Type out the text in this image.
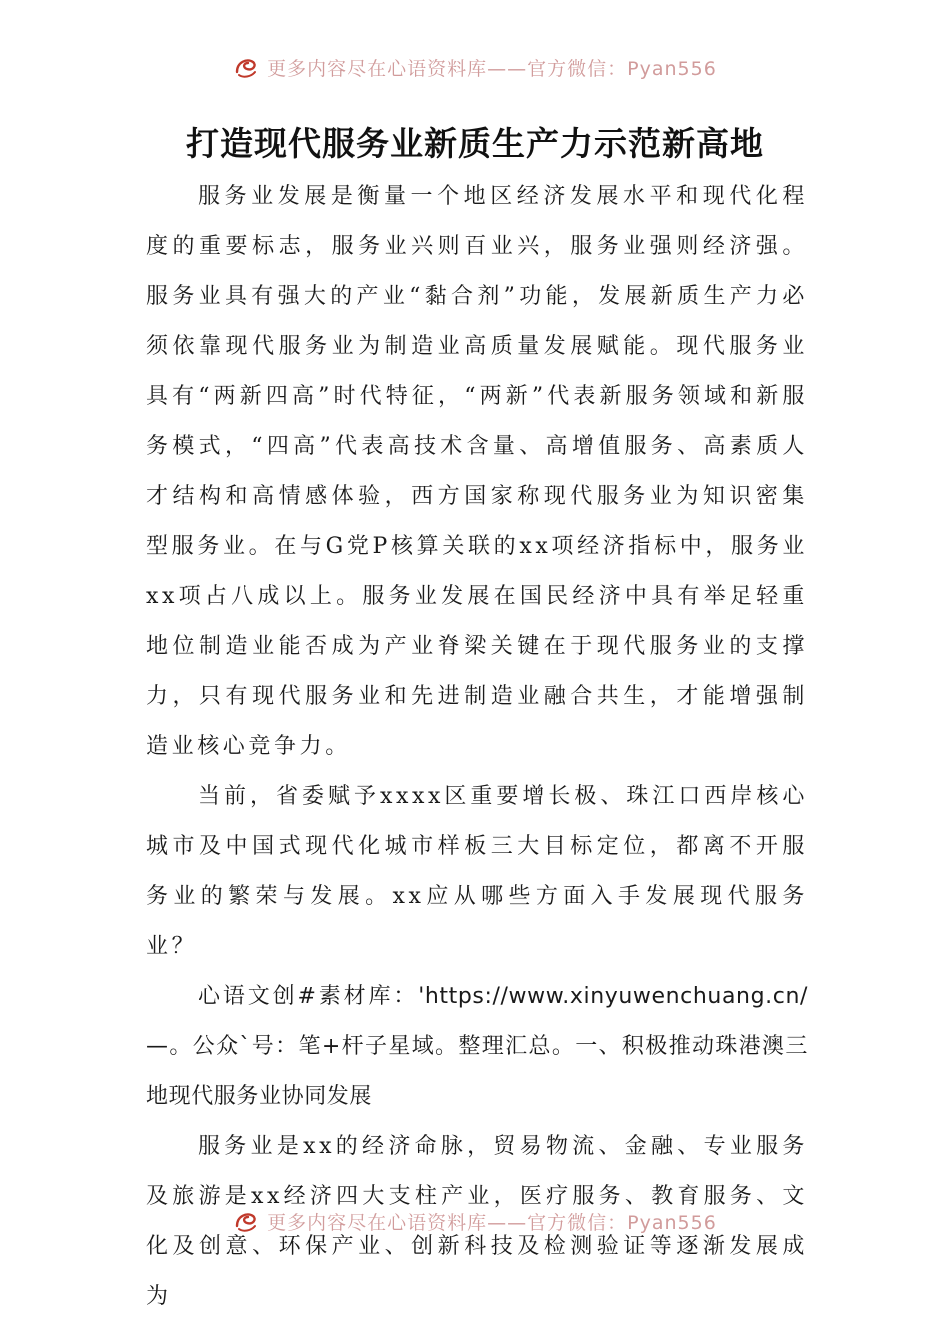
更多内容尽在心语资料库——官方微信：Pyan556
打造现代服务业新质生产力示范新高地

服务业发展是衡量一个地区经济发展水平和现代化程度的重要标志，服务业兴则百业兴，服务业强则经济强。服务业具有强大的产业“黏合剂”功能，发展新质生产力必须依靠现代服务业为制造业高质量发展赋能。现代服务业具有“两新四高”时代特征，“两新”代表新服务领域和新服务模式，“四高”代表高技术含量、高增值服务、高素质人才结构和高情感体验，西方国家称现代服务业为知识密集型服务业。在与G党P核算关联的xx项经济指标中，服务业xx项占八成以上。服务业发展在国民经济中具有举足轻重地位制造业能否成为产业脊梁关键在于现代服务业的支撑力，只有现代服务业和先进制造业融合共生，才能增强制造业核心竞争力。

当前，省委赋予xxxx区重要增长极、珠江口西岸核心城市及中国式现代化城市样板三大目标定位，都离不开服务业的繁荣与发展。xx应从哪些方面入手发展现代服务业？

心语文创#素材库：'https://www.xinyuwenchuang.cn/—。公众`号：笔+杆子星域。整理汇总。一、积极推动珠港澳三地现代服务业协同发展

服务业是xx的经济命脉，贸易物流、金融、专业服务及旅游是xx经济四大支柱产业，医疗服务、教育服务、文化及创意、环保产业、创新科技及检测验证等逐渐发展成为

更多内容尽在心语资料库——官方微信：Pyan556
